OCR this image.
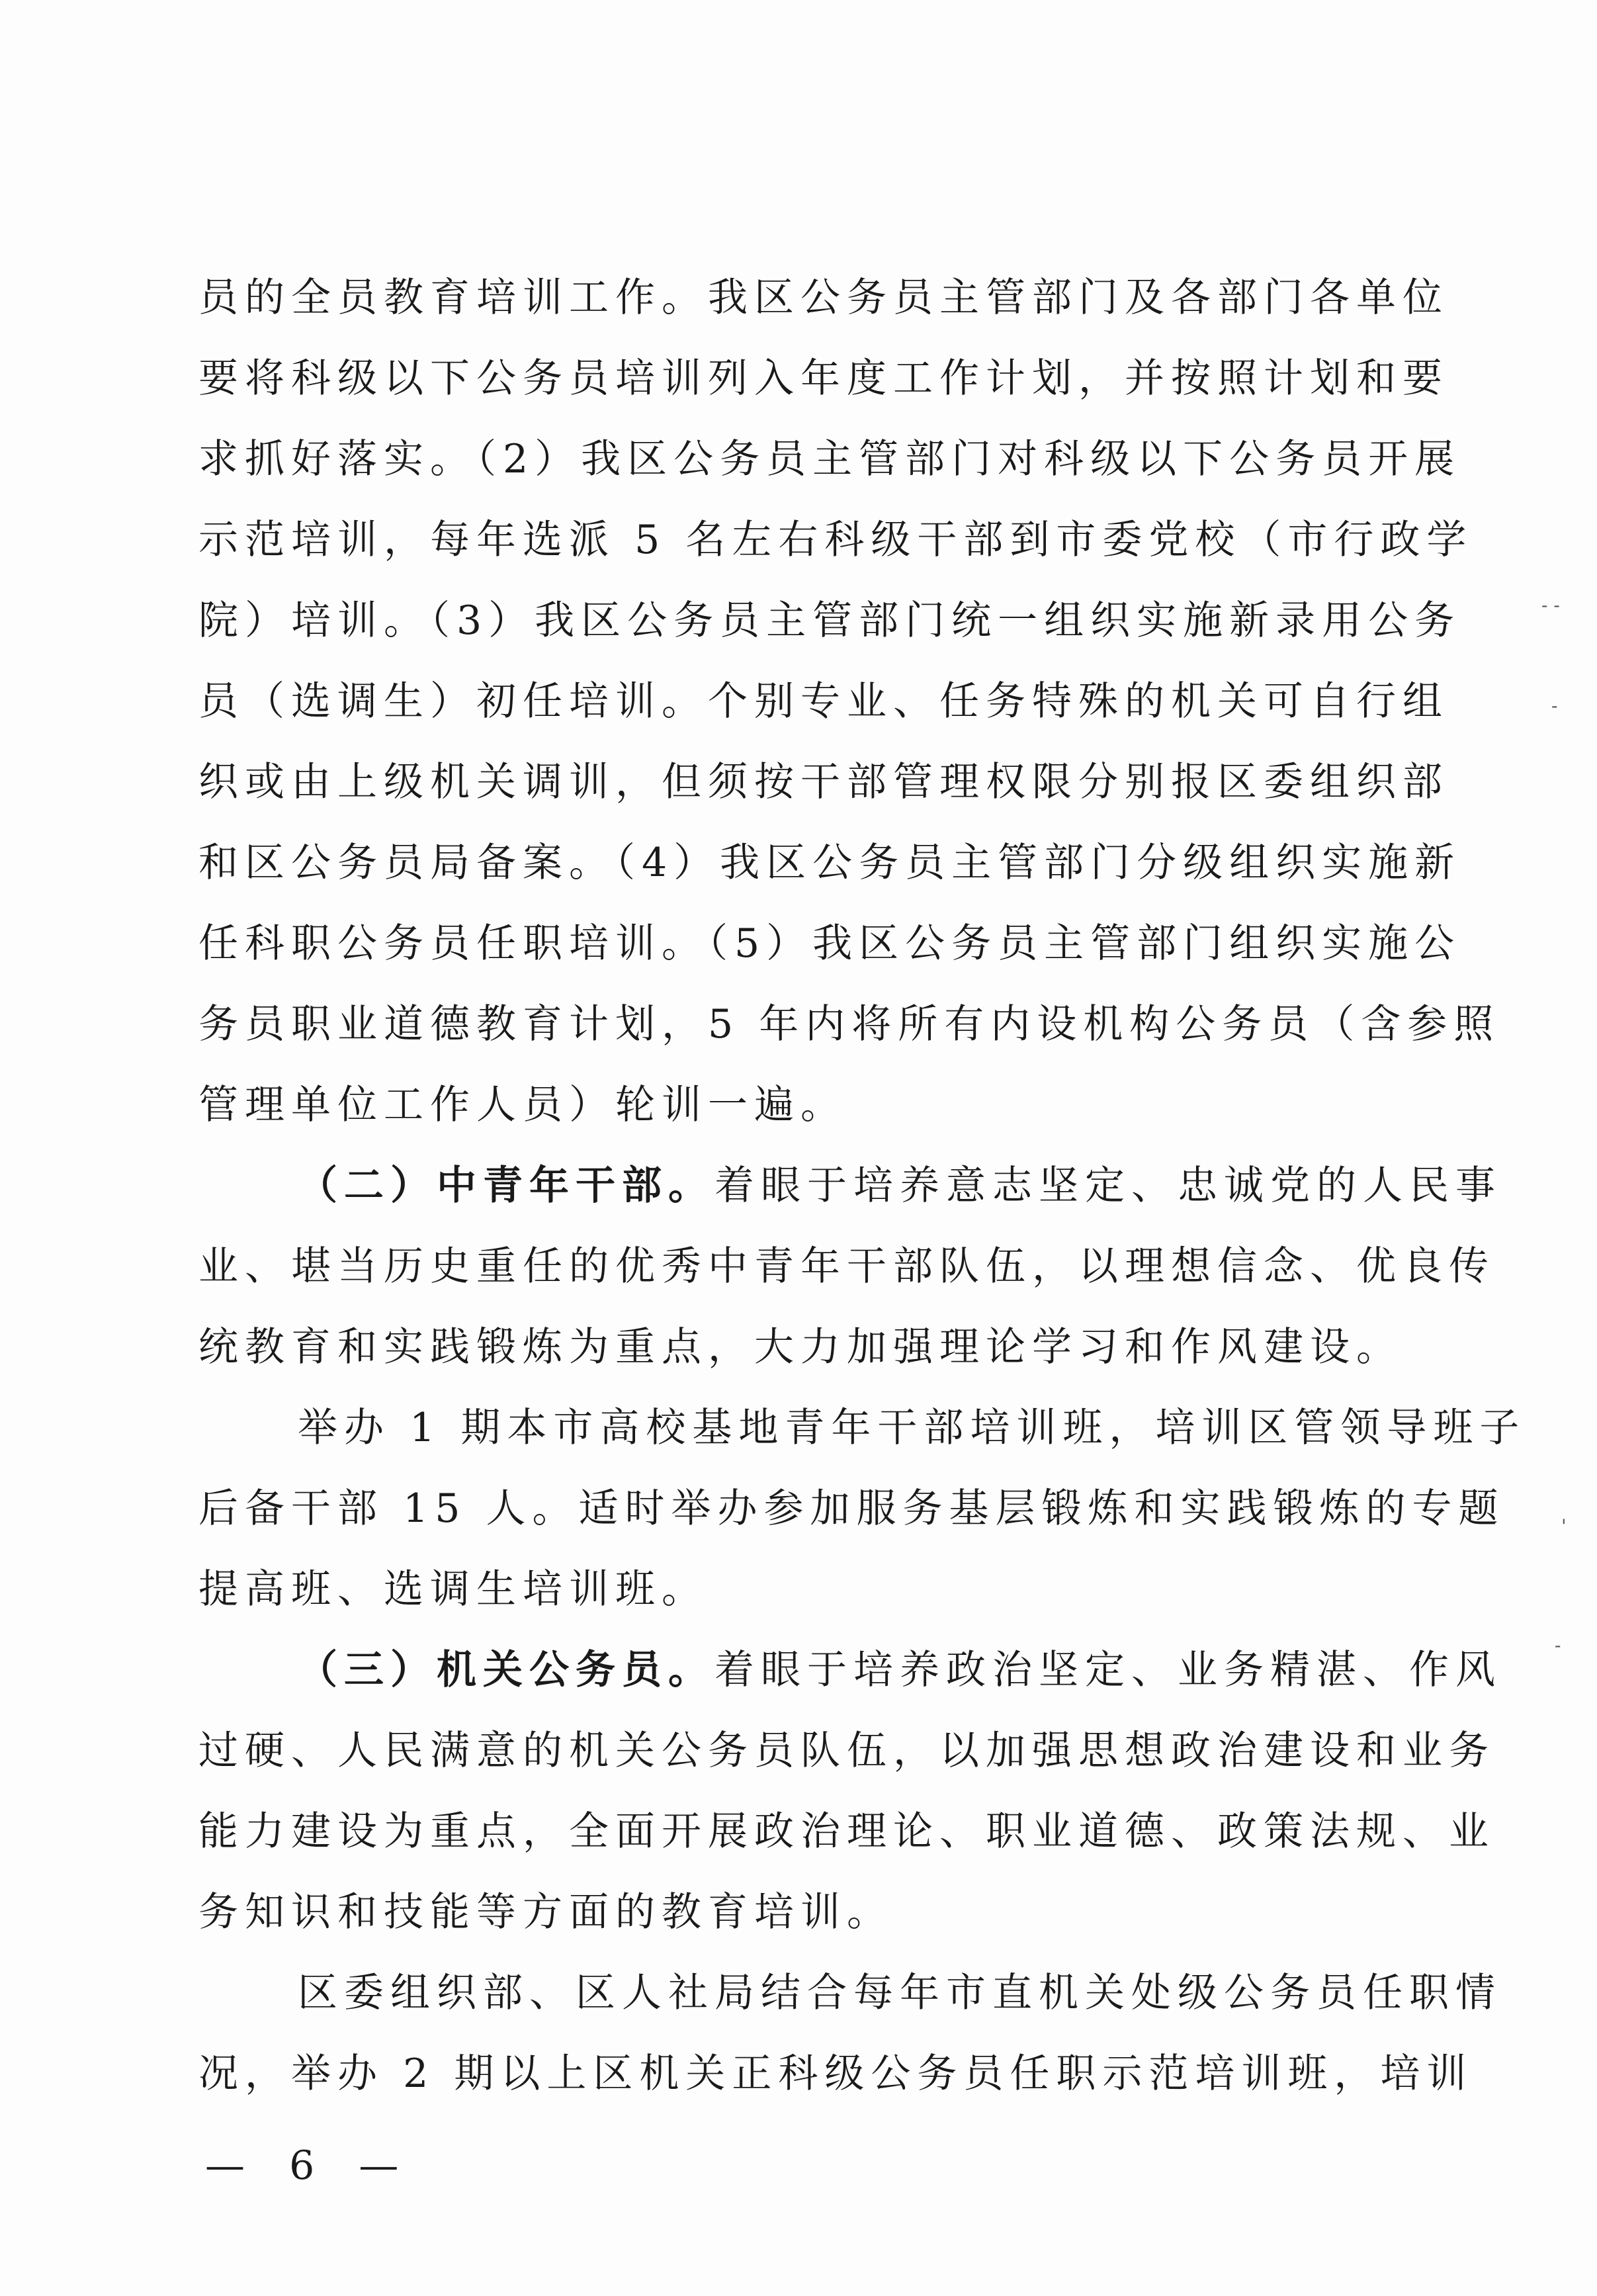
员的全员教育培训工作。我区公务员主管部门及各部门各单位
要将科级以下公务员培训列入年度工作计划，并按照计划和要
求抓好落实。（2）我区公务员主管部门对科级以下公务员开展
示范培训，每年选派 5 名左右科级干部到市委党校（市行政学
院）培训。（3）我区公务员主管部门统一组织实施新录用公务
员（选调生）初任培训。个别专业、任务特殊的机关可自行组
织或由上级机关调训，但须按干部管理权限分别报区委组织部
和区公务员局备案。（4）我区公务员主管部门分级组织实施新
任科职公务员任职培训。（5）我区公务员主管部门组织实施公
务员职业道德教育计划，5 年内将所有内设机构公务员（含参照
管理单位工作人员）轮训一遍。
（二）中青年干部。着眼于培养意志坚定、忠诚党的人民事
业、堪当历史重任的优秀中青年干部队伍，以理想信念、优良传
统教育和实践锻炼为重点，大力加强理论学习和作风建设。
举办 1 期本市高校基地青年干部培训班，培训区管领导班子
后备干部 15 人。适时举办参加服务基层锻炼和实践锻炼的专题
提高班、选调生培训班。
（三）机关公务员。着眼于培养政治坚定、业务精湛、作风
过硬、人民满意的机关公务员队伍，以加强思想政治建设和业务
能力建设为重点，全面开展政治理论、职业道德、政策法规、业
务知识和技能等方面的教育培训。
区委组织部、区人社局结合每年市直机关处级公务员任职情
况，举办 2 期以上区机关正科级公务员任职示范培训班，培训
— 6 —
- -
-
'
-
